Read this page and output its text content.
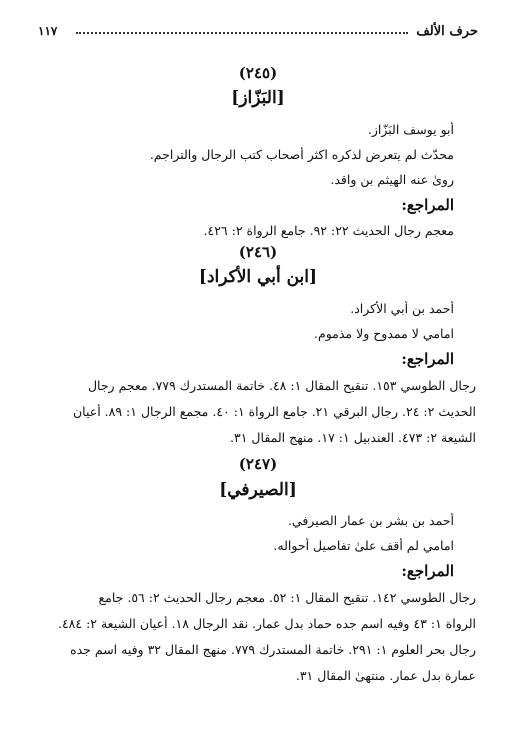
حرف الألف
١١٧
(٢٤٥)
[البَزّاز]
أبو يوسف البَزّاز.
محدّث لم يتعرض لذكره اكثر أصحاب كتب الرجال والتراجم.
روىٰ عنه الهيثم بن واقد.
المراجع:
معجم رجال الحديث ٢٢: ٩٢. جامع الرواة ٢: ٤٢٦.
(٢٤٦)
[ابن أبي الأكراد]
أحمد بن أبي الأكراد.
امامي لا ممدوح ولا مذموم.
المراجع:
رجال الطوسي ١٥٣. تنقيح المقال ١: ٤٨. خاتمة المستدرك ٧٧٩. معجم رجال
الحديث ٢: ٢٤. رجال البرقي ٢١. جامع الرواة ١: ٤٠. مجمع الرجال ١: ٨٩. أعيان
الشيعة ٢: ٤٧٣. العندبيل ١: ١٧. منهج المقال ٣١.
(٢٤٧)
[الصيرفي]
أحمد بن بشر بن عمار الصيرفي.
امامي لم أقف علىٰ تفاصيل أحواله.
المراجع:
رجال الطوسي ١٤٢. تنقيح المقال ١: ٥٢. معجم رجال الحديث ٢: ٥٦. جامع
الرواة ١: ٤٣ وفيه اسم جده حماد بدل عمار. نقد الرجال ١٨. أعيان الشيعة ٢: ٤٨٤.
رجال بحر العلوم ١: ٢٩١. خاتمة المستدرك ٧٧٩. منهج المقال ٣٢ وفيه اسم جده
عمارة بدل عمار. منتهىٰ المقال ٣١.
